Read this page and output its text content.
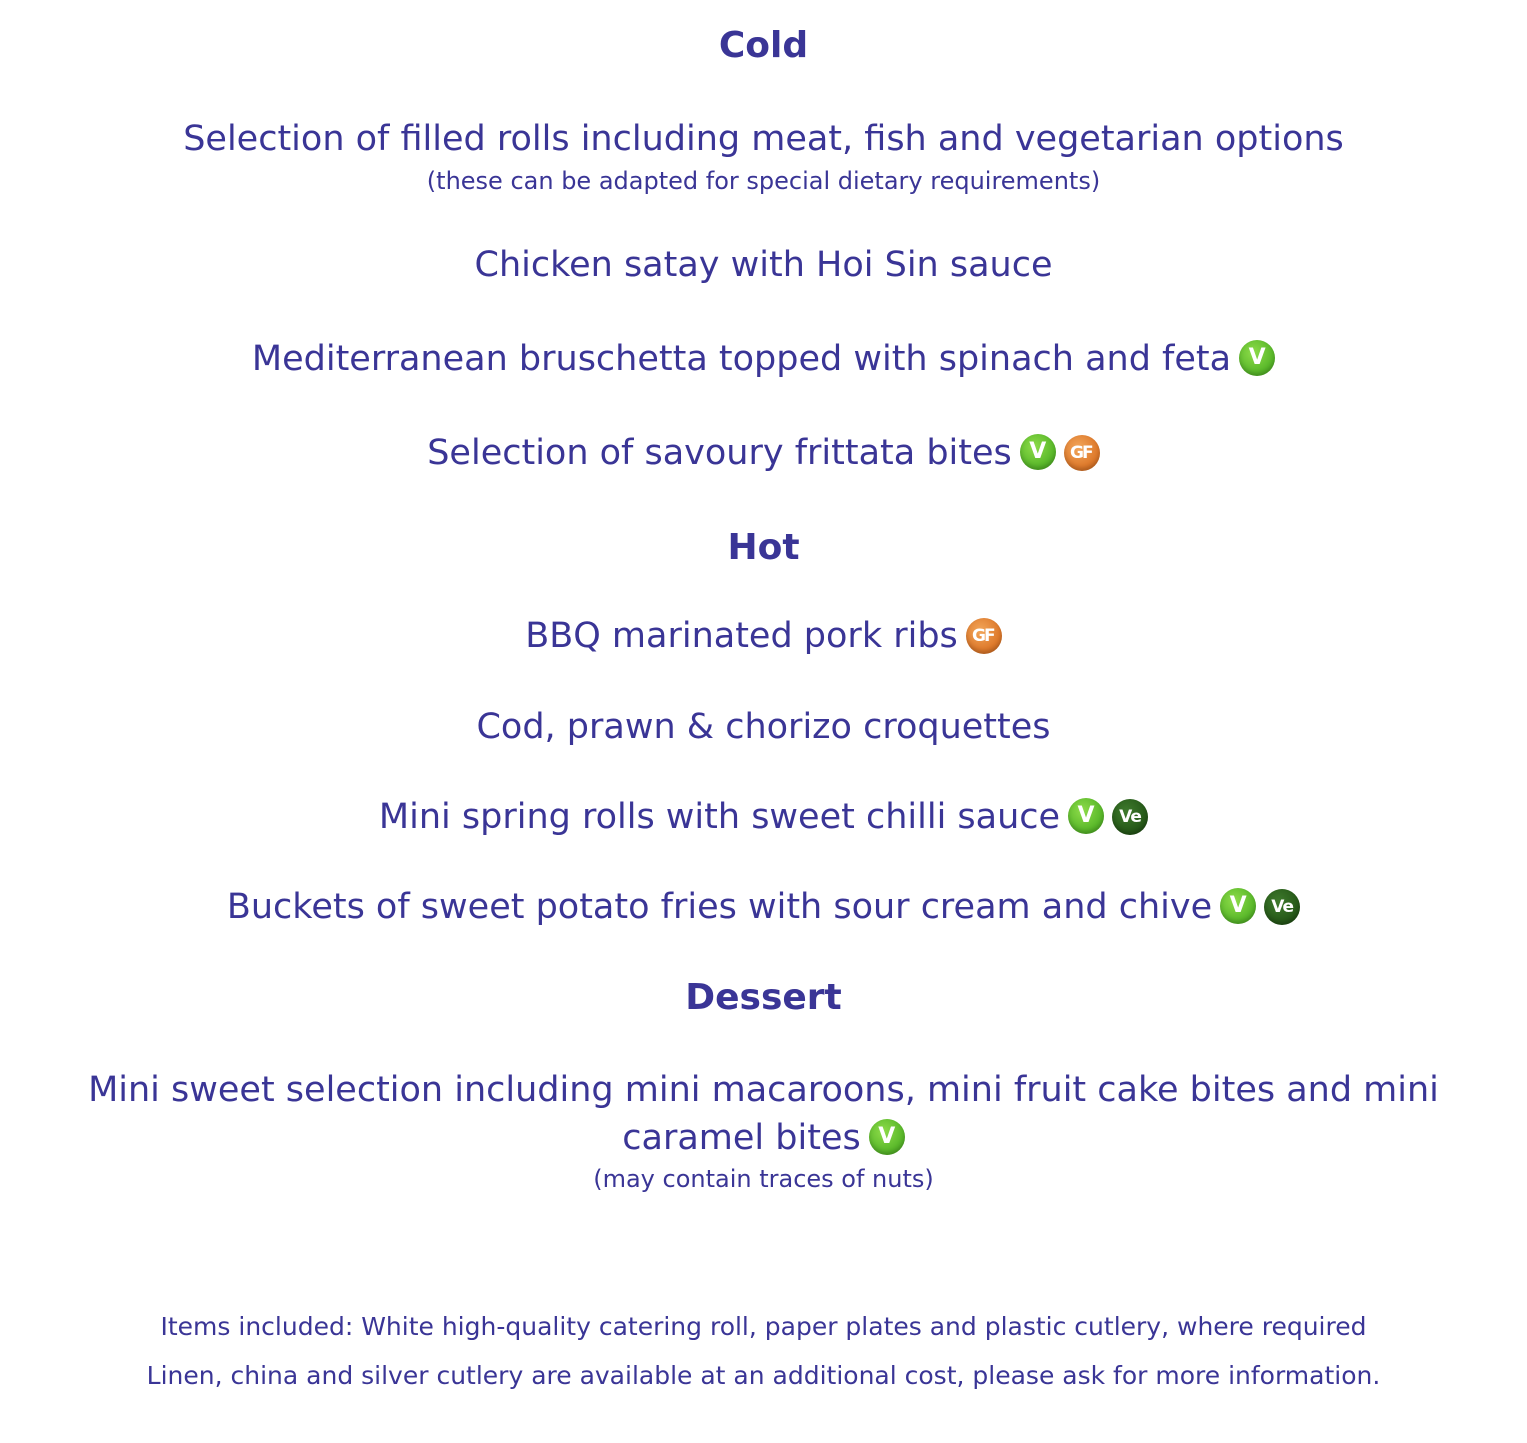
Cold
Selection of filled rolls including meat, fish and vegetarian options
(these can be adapted for special dietary requirements)
Chicken satay with Hoi Sin sauce
Mediterranean bruschetta topped with spinach and feta V
Selection of savoury frittata bites V GF
Hot
BBQ marinated pork ribs GF
Cod, prawn & chorizo croquettes
Mini spring rolls with sweet chilli sauce V Ve
Buckets of sweet potato fries with sour cream and chive V Ve
Dessert
Mini sweet selection including mini macaroons, mini fruit cake bites and mini
caramel bites V
(may contain traces of nuts)
Items included: White high-quality catering roll, paper plates and plastic cutlery, where required
Linen, china and silver cutlery are available at an additional cost, please ask for more information.
